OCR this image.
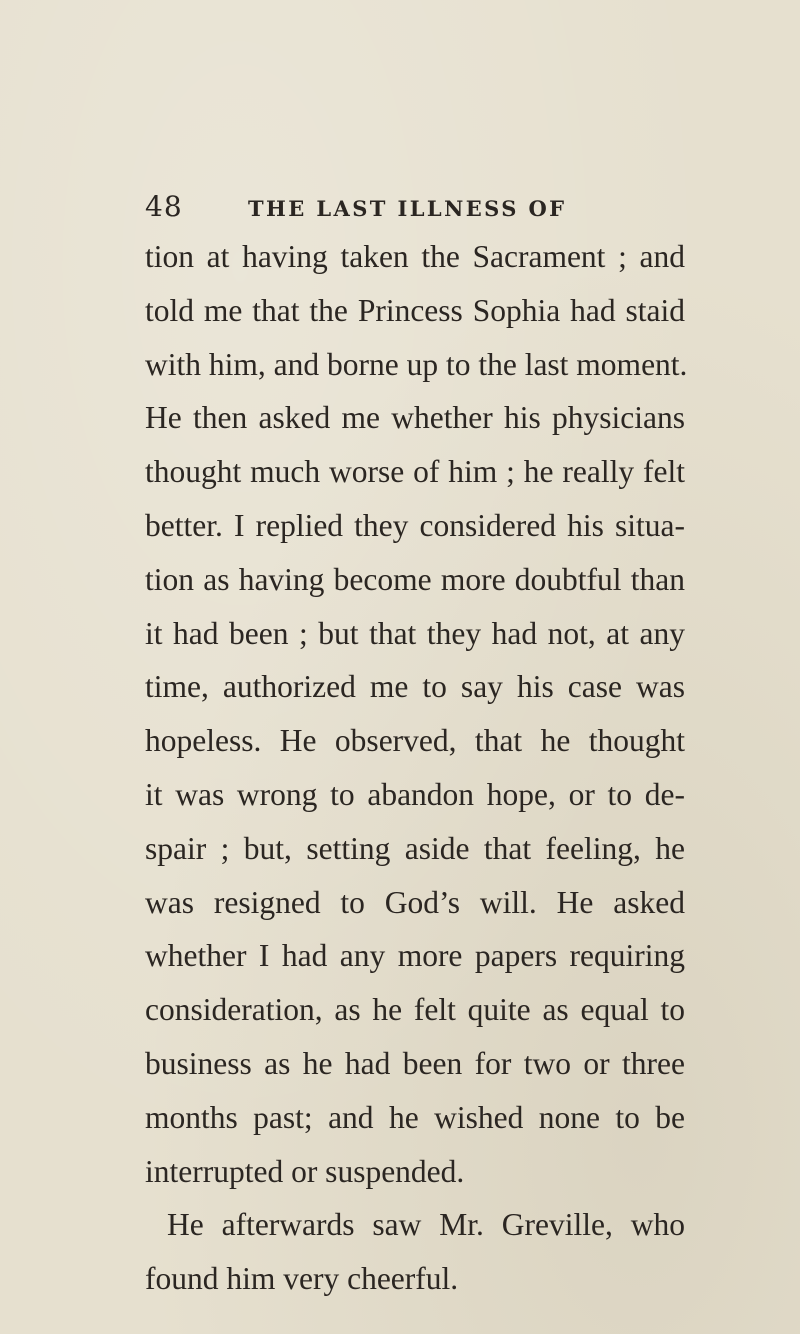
48	THE LAST ILLNESS OF
tion at having taken the Sacrament ; and
told me that the Princess Sophia had staid
with him, and borne up to the last moment.
He then asked me whether his physicians
thought much worse of him ; he really felt
better. I replied they considered his situa-
tion as having become more doubtful than
it had been ; but that they had not, at any
time, authorized me to say his case was
hopeless. He observed, that he thought
it was wrong to abandon hope, or to de-
spair ; but, setting aside that feeling, he
was resigned to God’s will. He asked
whether I had any more papers requiring
consideration, as he felt quite as equal to
business as he had been for two or three
months past; and he wished none to be
interrupted or suspended.
He afterwards saw Mr. Greville, who
found him very cheerful.
